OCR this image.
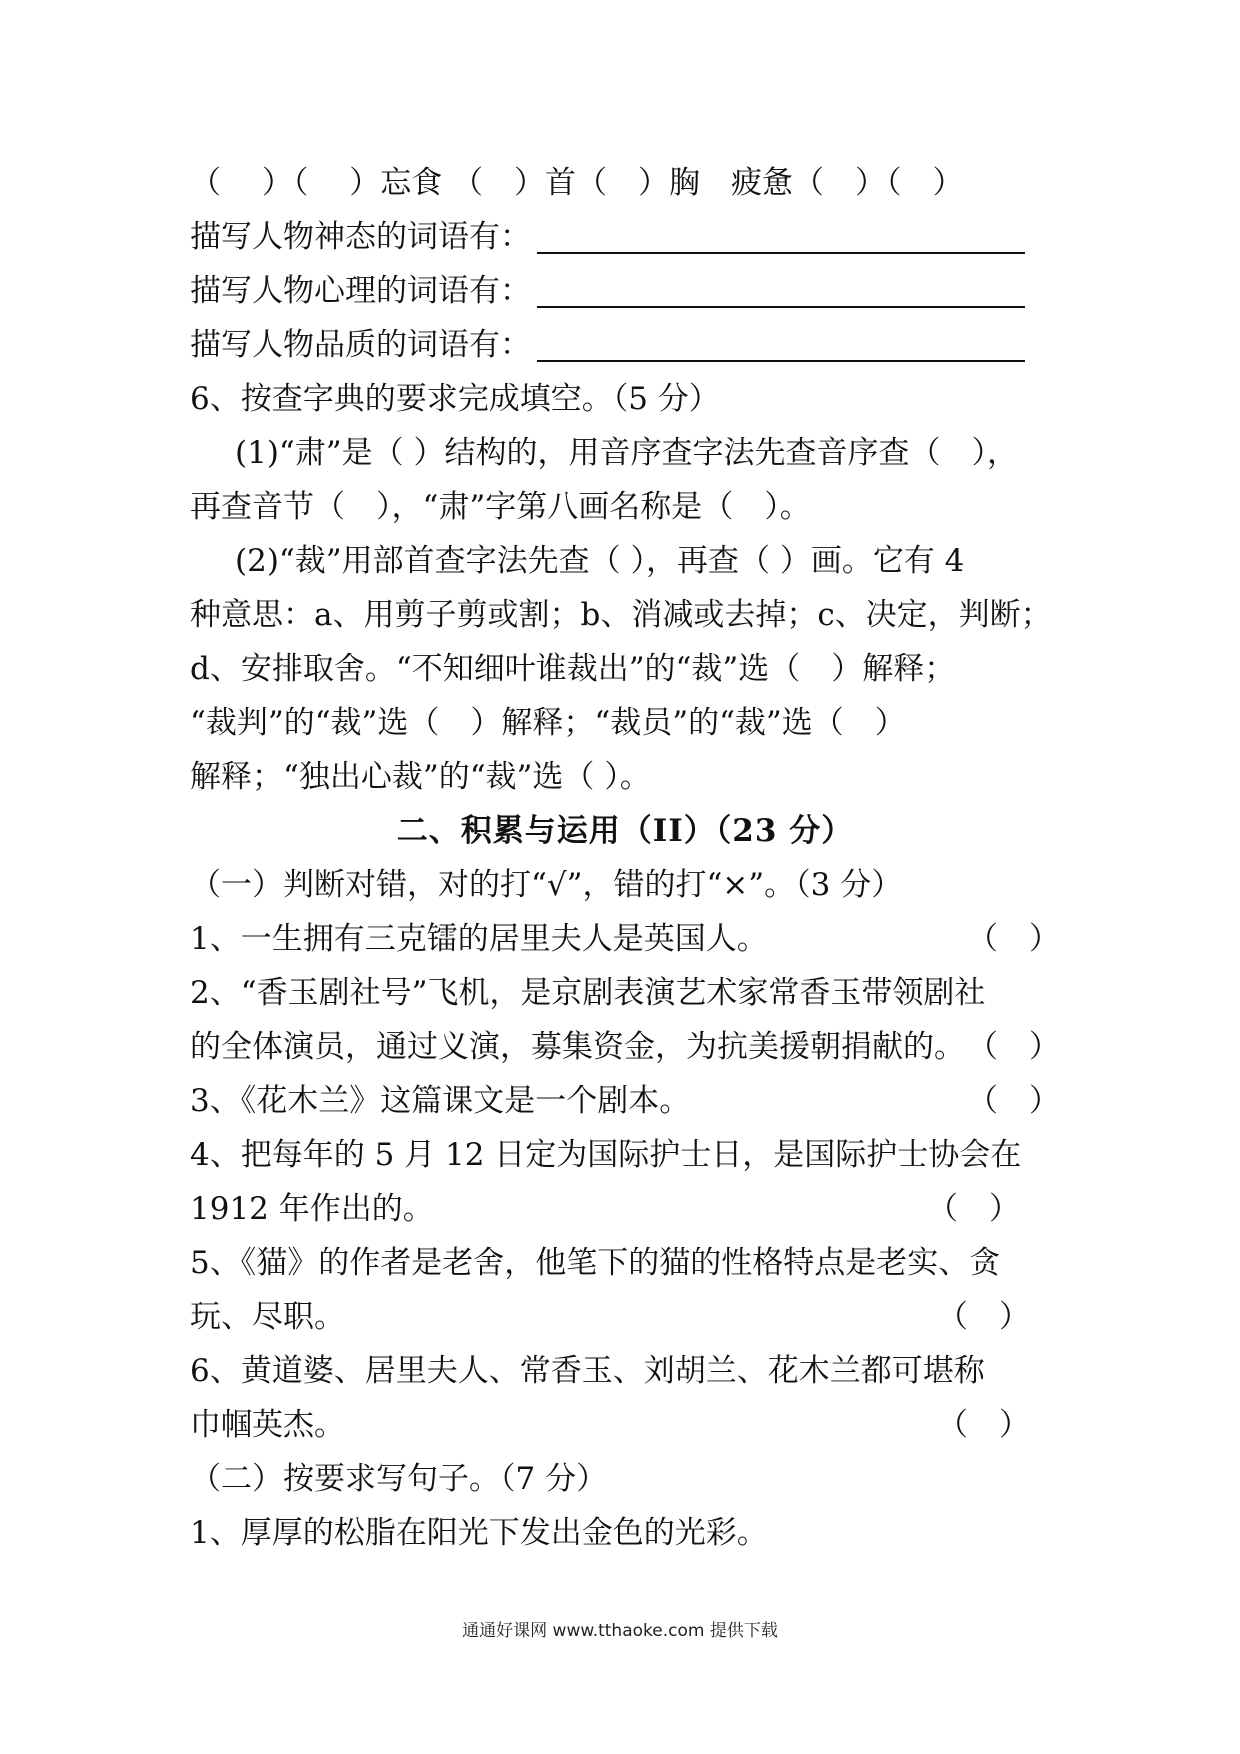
（　 ）（　 ）忘食 （　）首（　）胸　疲惫（　）（　）
描写人物神态的词语有：
描写人物心理的词语有：
描写人物品质的词语有：
6、按查字典的要求完成填空。（5 分）
(1)“肃”是（ ）结构的，用音序查字法先查音序查（　），
再查音节（　），“肃”字第八画名称是（　）。
(2)“裁”用部首查字法先查（ ），再查（ ）画。它有 4
种意思：a、用剪子剪或割；b、消减或去掉；c、决定，判断；
d、安排取舍。“不知细叶谁裁出”的“裁”选（　）解释；
“裁判”的“裁”选（　）解释；“裁员”的“裁”选（　）
解释；“独出心裁”的“裁”选（ ）。
二、积累与运用（II）（23 分）
（一）判断对错，对的打“√”，错的打“×”。（3 分）
1、一生拥有三克镭的居里夫人是英国人。	（　）
2、“香玉剧社号”飞机，是京剧表演艺术家常香玉带领剧社
的全体演员，通过义演，募集资金，为抗美援朝捐献的。 （　）
3、《花木兰》这篇课文是一个剧本。	（　）
4、把每年的 5 月 12 日定为国际护士日，是国际护士协会在
1912 年作出的。	（　）
5、《猫》的作者是老舍，他笔下的猫的性格特点是老实、贪
玩、尽职。	（　）
6、黄道婆、居里夫人、常香玉、刘胡兰、花木兰都可堪称
巾帼英杰。	（　）
（二）按要求写句子。（7 分）
1、厚厚的松脂在阳光下发出金色的光彩。
通通好课网 www.tthaoke.com 提供下载
